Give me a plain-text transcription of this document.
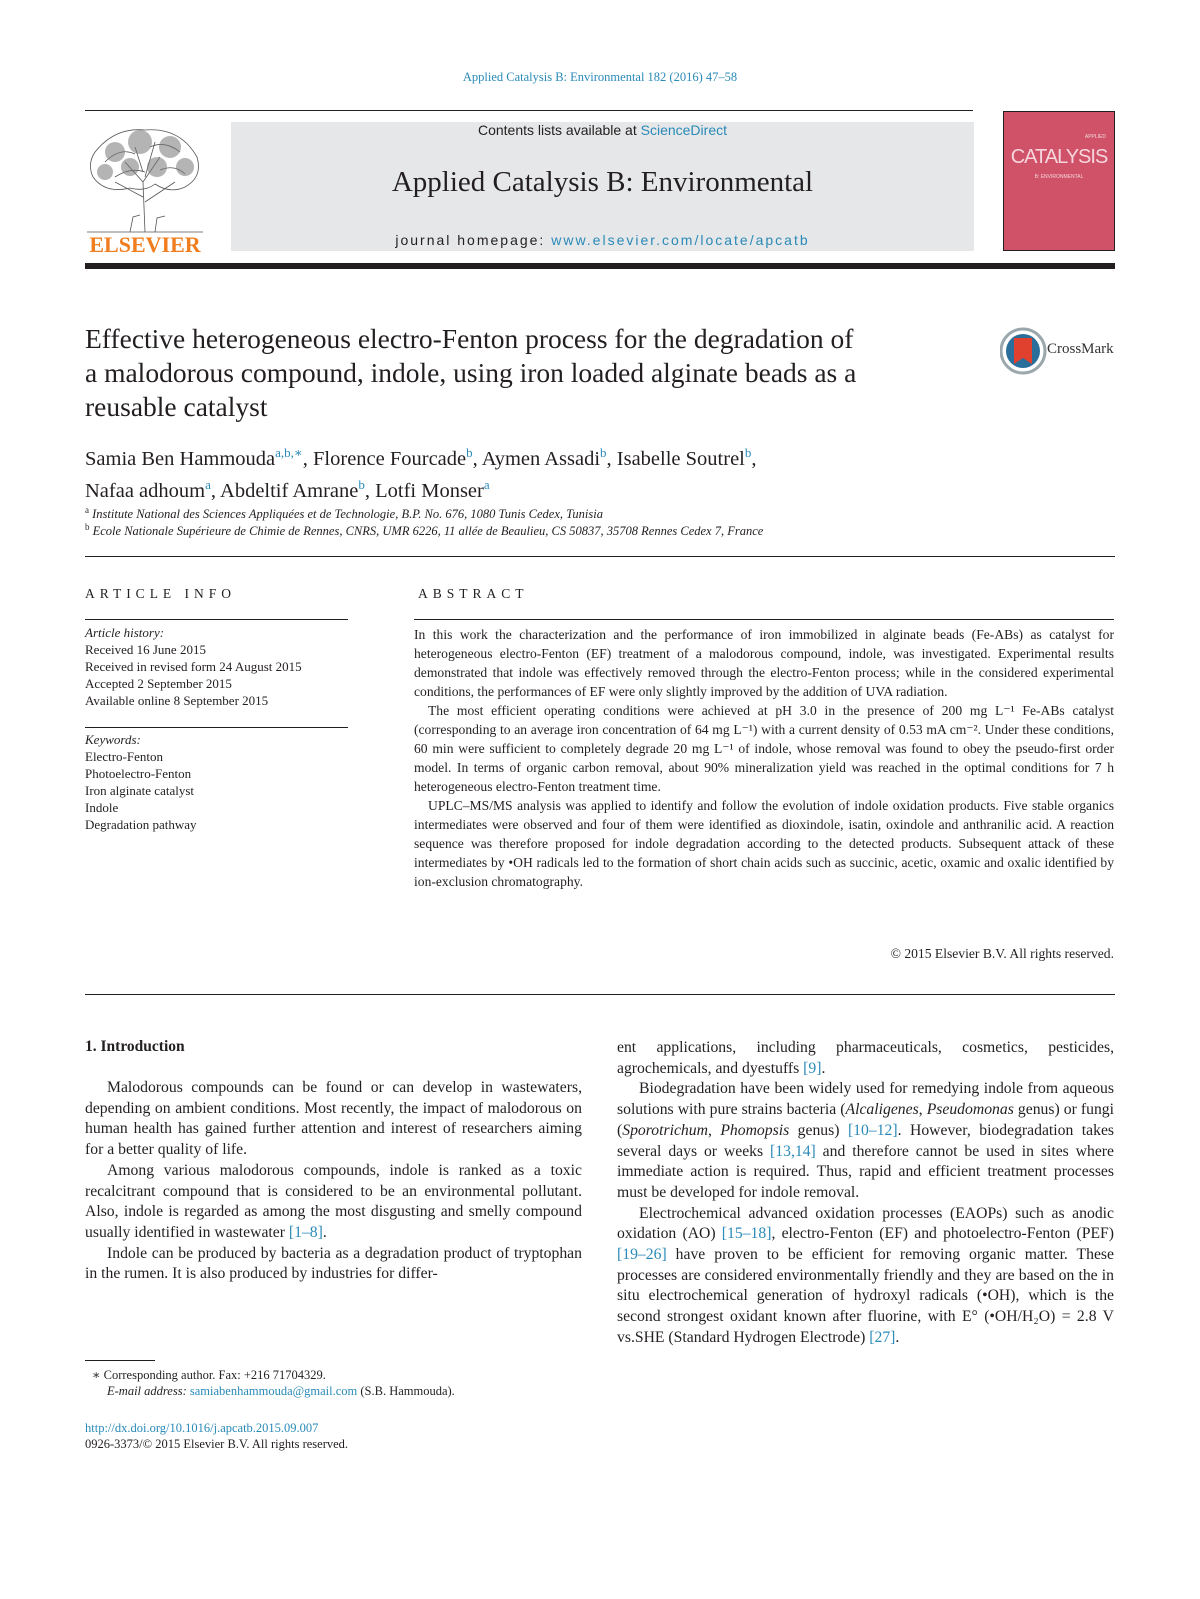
Applied Catalysis B: Environmental 182 (2016) 47–58
ELSEVIER
Contents lists available at ScienceDirect
Applied Catalysis B: Environmental
journal homepage: www.elsevier.com/locate/apcatb
APPLIED
CATALYSIS
B: ENVIRONMENTAL
Effective heterogeneous electro-Fenton process for the degradation of
a malodorous compound, indole, using iron loaded alginate beads as a
reusable catalyst
CrossMark
Samia Ben Hammouda$^{a,b,∗}$, Florence Fourcade$^b$, Aymen Assadi$^b$, Isabelle Soutrel$^b$,
Nafaa adhoum$^a$, Abdeltif Amrane$^b$, Lotfi Monser$^a$
$^a$ Institute National des Sciences Appliquées et de Technologie, B.P. No. 676, 1080 Tunis Cedex, Tunisia
$^b$ Ecole Nationale Supérieure de Chimie de Rennes, CNRS, UMR 6226, 11 allée de Beaulieu, CS 50837, 35708 Rennes Cedex 7, France
ARTICLE INFO
Article history:
Received 16 June 2015
Received in revised form 24 August 2015
Accepted 2 September 2015
Available online 8 September 2015
Keywords:
Electro-Fenton
Photoelectro-Fenton
Iron alginate catalyst
Indole
Degradation pathway
ABSTRACT

In this work the characterization and the performance of iron immobilized in alginate beads (Fe-ABs) as catalyst for heterogeneous electro-Fenton (EF) treatment of a malodorous compound, indole, was investigated. Experimental results demonstrated that indole was effectively removed through the electro-Fenton process; while in the considered experimental conditions, the performances of EF were only slightly improved by the addition of UVA radiation.

The most efficient operating conditions were achieved at pH 3.0 in the presence of 200 mg L⁻¹ Fe-ABs catalyst (corresponding to an average iron concentration of 64 mg L⁻¹) with a current density of 0.53 mA cm⁻². Under these conditions, 60 min were sufficient to completely degrade 20 mg L⁻¹ of indole, whose removal was found to obey the pseudo-first order model. In terms of organic carbon removal, about 90% mineralization yield was reached in the optimal conditions for 7 h heterogeneous electro-Fenton treatment time.

UPLC–MS/MS analysis was applied to identify and follow the evolution of indole oxidation products. Five stable organics intermediates were observed and four of them were identified as dioxindole, isatin, oxindole and anthranilic acid. A reaction sequence was therefore proposed for indole degradation according to the detected products. Subsequent attack of these intermediates by •OH radicals led to the formation of short chain acids such as succinic, acetic, oxamic and oxalic identified by ion-exclusion chromatography.

© 2015 Elsevier B.V. All rights reserved.
1. Introduction

Malodorous compounds can be found or can develop in wastewaters, depending on ambient conditions. Most recently, the impact of malodorous on human health has gained further attention and interest of researchers aiming for a better quality of life.

Among various malodorous compounds, indole is ranked as a toxic recalcitrant compound that is considered to be an environmental pollutant. Also, indole is regarded as among the most disgusting and smelly compound usually identified in wastewater [1–8].

Indole can be produced by bacteria as a degradation product of tryptophan in the rumen. It is also produced by industries for differ-

ent applications, including pharmaceuticals, cosmetics, pesticides, agrochemicals, and dyestuffs [9].

Biodegradation have been widely used for remedying indole from aqueous solutions with pure strains bacteria (Alcaligenes, Pseudomonas genus) or fungi (Sporotrichum, Phomopsis genus) [10–12]. However, biodegradation takes several days or weeks [13,14] and therefore cannot be used in sites where immediate action is required. Thus, rapid and efficient treatment processes must be developed for indole removal.

Electrochemical advanced oxidation processes (EAOPs) such as anodic oxidation (AO) [15–18], electro-Fenton (EF) and photoelectro-Fenton (PEF) [19–26] have proven to be efficient for removing organic matter. These processes are considered environmentally friendly and they are based on the in situ electrochemical generation of hydroxyl radicals (•OH), which is the second strongest oxidant known after fluorine, with E° (•OH/H₂O) = 2.8 V vs.SHE (Standard Hydrogen Electrode) [27].

∗ Corresponding author. Fax: +216 71704329.
E-mail address: samiabenhammouda@gmail.com (S.B. Hammouda).
http://dx.doi.org/10.1016/j.apcatb.2015.09.007
0926-3373/© 2015 Elsevier B.V. All rights reserved.
